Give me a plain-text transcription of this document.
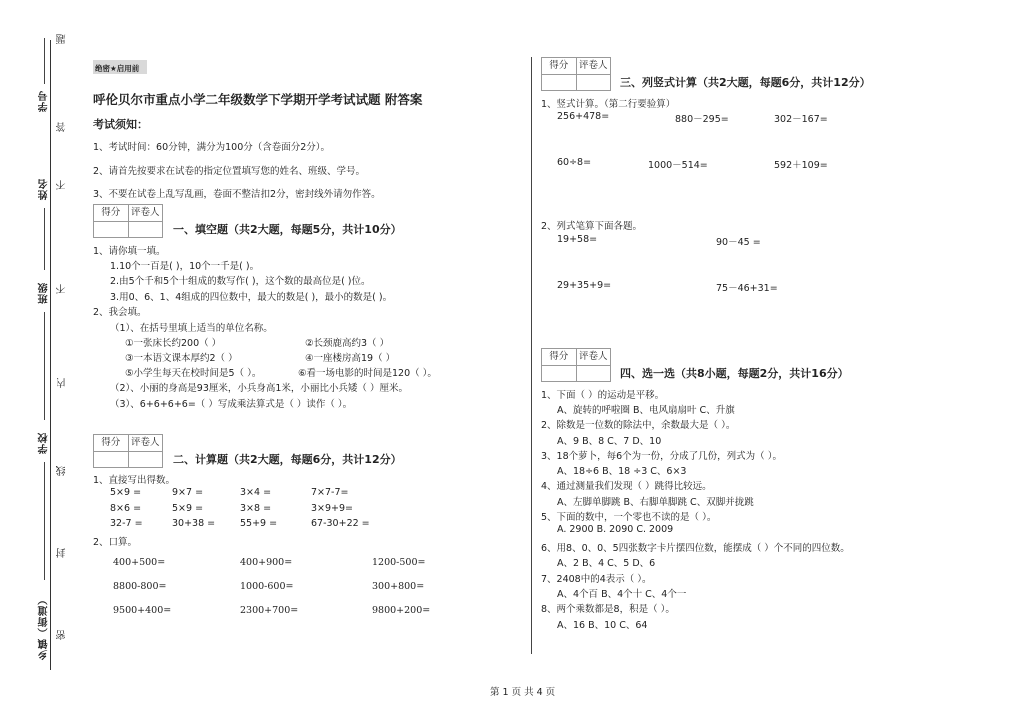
题
学号
答
姓名 不
班级 不
内
学校
线
封
乡镇（街道） 密
绝密★启用前
呼伦贝尔市重点小学二年级数学下学期开学考试试题 附答案
考试须知：
1、考试时间：60分钟，满分为100分（含卷面分2分）。
2、请首先按要求在试卷的指定位置填写您的姓名、班级、学号。
3、不要在试卷上乱写乱画，卷面不整洁扣2分，密封线外请勿作答。
得分	评卷人
一、填空题（共2大题，每题5分，共计10分）
1、请你填一填。
1.10个一百是( )，10个一千是( )。
2.由5个千和5个十组成的数写作( )，这个数的最高位是( )位。
3.用0、6、1、4组成的四位数中，最大的数是( )，最小的数是( )。
2、我会填。
（1）、在括号里填上适当的单位名称。
①一张床长约200（ ）	②长颈鹿高约3（ ）
③一本语文课本厚约2（ ）	④一座楼房高19（ ）
⑤小学生每天在校时间是5（ ）。	⑥看一场电影的时间是120（ ）。
（2）、小丽的身高是93厘米，小兵身高1米，小丽比小兵矮（ ）厘米。
（3）、6+6+6+6=（ ）写成乘法算式是（ ）读作（ ）。
得分	评卷人
二、计算题（共2大题，每题6分，共计12分）
1、直接写出得数。
5×9 =	9×7 =	3×4 =	7×7-7=
8×6 =	5×9 =	3×8 =	3×9+9=
32-7 =	30+38 =	55+9 =	67-30+22 =
2、口算。
400+500=	400+900=	1200-500=
8800-800=	1000-600=	300+800=
9500+400=	2300+700=	9800+200=
得分	评卷人
三、列竖式计算（共2大题，每题6分，共计12分）
1、竖式计算。（第二行要验算）
256+478=	880－295=	302－167=
60÷8=	1000－514=	592＋109=
2、列式笔算下面各题。
19+58=	90－45 =
29+35+9=	75－46+31=
得分	评卷人
四、选一选（共8小题，每题2分，共计16分）
1、下面（ ）的运动是平移。
A、旋转的呼啦圈 B、电风扇扇叶 C、升旗
2、除数是一位数的除法中，余数最大是（ ）。
A、9 B、8 C、7 D、10
3、18个萝卜，每6个为一份，分成了几份，列式为（ ）。
A、18÷6 B、18 ÷3 C、6×3
4、通过测量我们发现（ ）跳得比较远。
A、左脚单脚跳 B、右脚单脚跳 C、双脚并拢跳
5、下面的数中，一个零也不读的是（ ）。
A. 2900 B. 2090 C. 2009
6、用8、0、0、5四张数字卡片摆四位数，能摆成（ ）个不同的四位数。
A、2 B、4 C、5 D、6
7、2408中的4表示（ ）。
A、4个百 B、4个十 C、4个一
8、两个乘数都是8，积是（ ）。
A、16 B、10 C、64
第 1 页 共 4 页
